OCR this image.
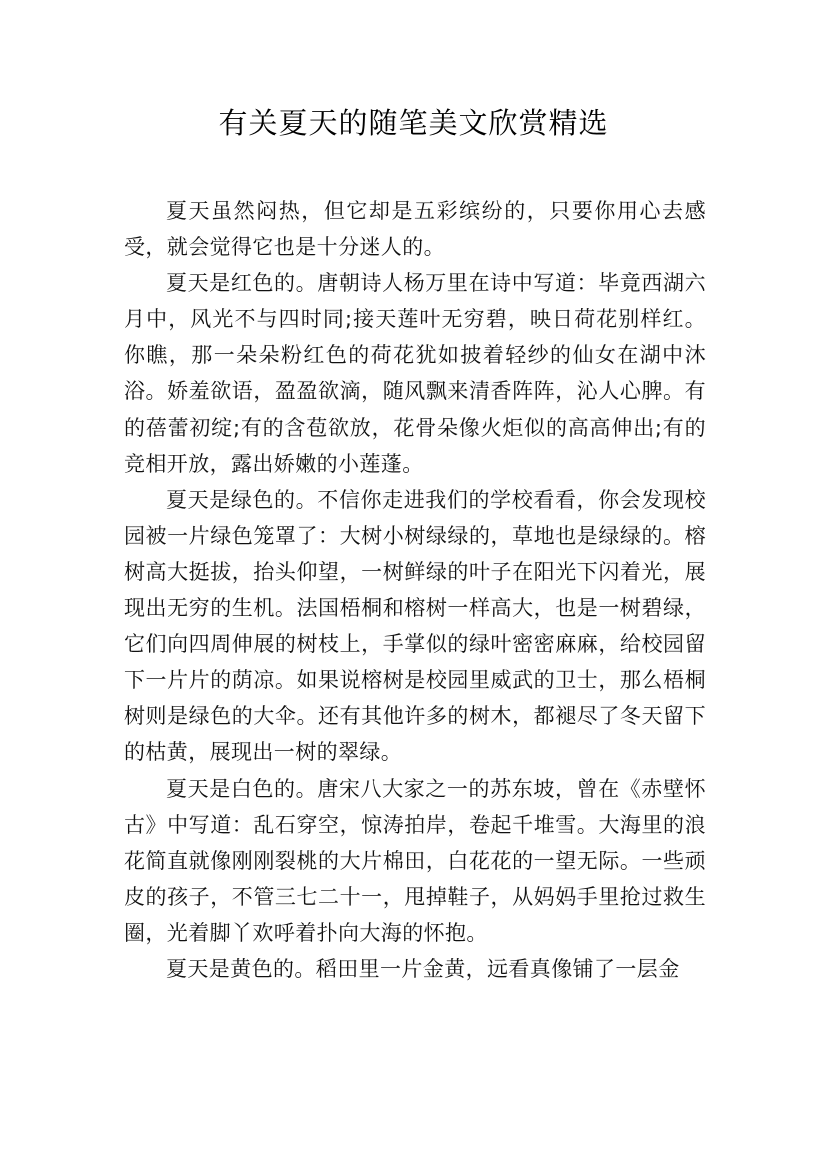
有关夏天的随笔美文欣赏精选

夏天虽然闷热，但它却是五彩缤纷的，只要你用心去感受，就会觉得它也是十分迷人的。

夏天是红色的。唐朝诗人杨万里在诗中写道：毕竟西湖六月中，风光不与四时同;接天莲叶无穷碧，映日荷花别样红。你瞧，那一朵朵粉红色的荷花犹如披着轻纱的仙女在湖中沐浴。娇羞欲语，盈盈欲滴，随风飘来清香阵阵，沁人心脾。有的蓓蕾初绽;有的含苞欲放，花骨朵像火炬似的高高伸出;有的竞相开放，露出娇嫩的小莲蓬。

夏天是绿色的。不信你走进我们的学校看看，你会发现校园被一片绿色笼罩了：大树小树绿绿的，草地也是绿绿的。榕树高大挺拔，抬头仰望，一树鲜绿的叶子在阳光下闪着光，展现出无穷的生机。法国梧桐和榕树一样高大，也是一树碧绿，它们向四周伸展的树枝上，手掌似的绿叶密密麻麻，给校园留下一片片的荫凉。如果说榕树是校园里威武的卫士，那么梧桐树则是绿色的大伞。还有其他许多的树木，都褪尽了冬天留下的枯黄，展现出一树的翠绿。

夏天是白色的。唐宋八大家之一的苏东坡，曾在《赤壁怀古》中写道：乱石穿空，惊涛拍岸，卷起千堆雪。大海里的浪花简直就像刚刚裂桃的大片棉田，白花花的一望无际。一些顽皮的孩子，不管三七二十一，甩掉鞋子，从妈妈手里抢过救生圈，光着脚丫欢呼着扑向大海的怀抱。

夏天是黄色的。稻田里一片金黄，远看真像铺了一层金
